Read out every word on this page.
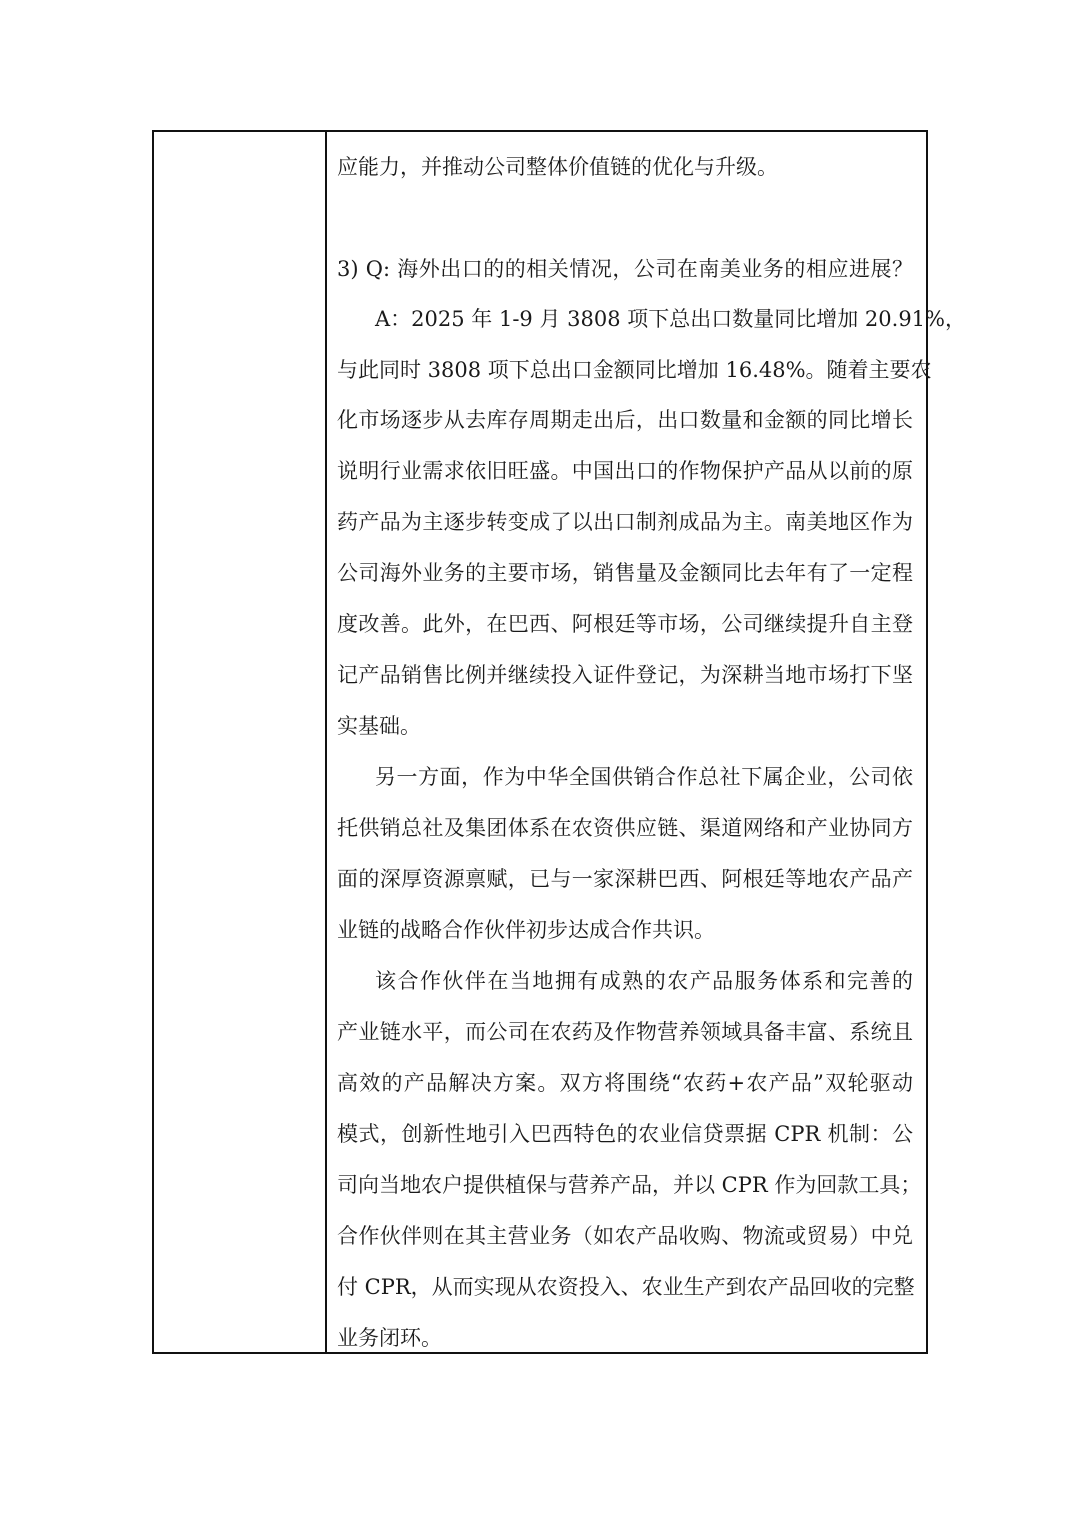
应能力，并推动公司整体价值链的优化与升级。
3) Q: 海外出口的的相关情况，公司在南美业务的相应进展？
A：2025 年 1-9 月 3808 项下总出口数量同比增加 20.91%，
与此同时 3808 项下总出口金额同比增加 16.48%。随着主要农
化市场逐步从去库存周期走出后，出口数量和金额的同比增长
说明行业需求依旧旺盛。中国出口的作物保护产品从以前的原
药产品为主逐步转变成了以出口制剂成品为主。南美地区作为
公司海外业务的主要市场，销售量及金额同比去年有了一定程
度改善。此外，在巴西、阿根廷等市场，公司继续提升自主登
记产品销售比例并继续投入证件登记，为深耕当地市场打下坚
实基础。
另一方面，作为中华全国供销合作总社下属企业，公司依
托供销总社及集团体系在农资供应链、渠道网络和产业协同方
面的深厚资源禀赋，已与一家深耕巴西、阿根廷等地农产品产
业链的战略合作伙伴初步达成合作共识。
该合作伙伴在当地拥有成熟的农产品服务体系和完善的
产业链水平，而公司在农药及作物营养领域具备丰富、系统且
高效的产品解决方案。双方将围绕“农药+农产品”双轮驱动
模式，创新性地引入巴西特色的农业信贷票据 CPR 机制：公
司向当地农户提供植保与营养产品，并以 CPR 作为回款工具；
合作伙伴则在其主营业务（如农产品收购、物流或贸易）中兑
付 CPR，从而实现从农资投入、农业生产到农产品回收的完整
业务闭环。
